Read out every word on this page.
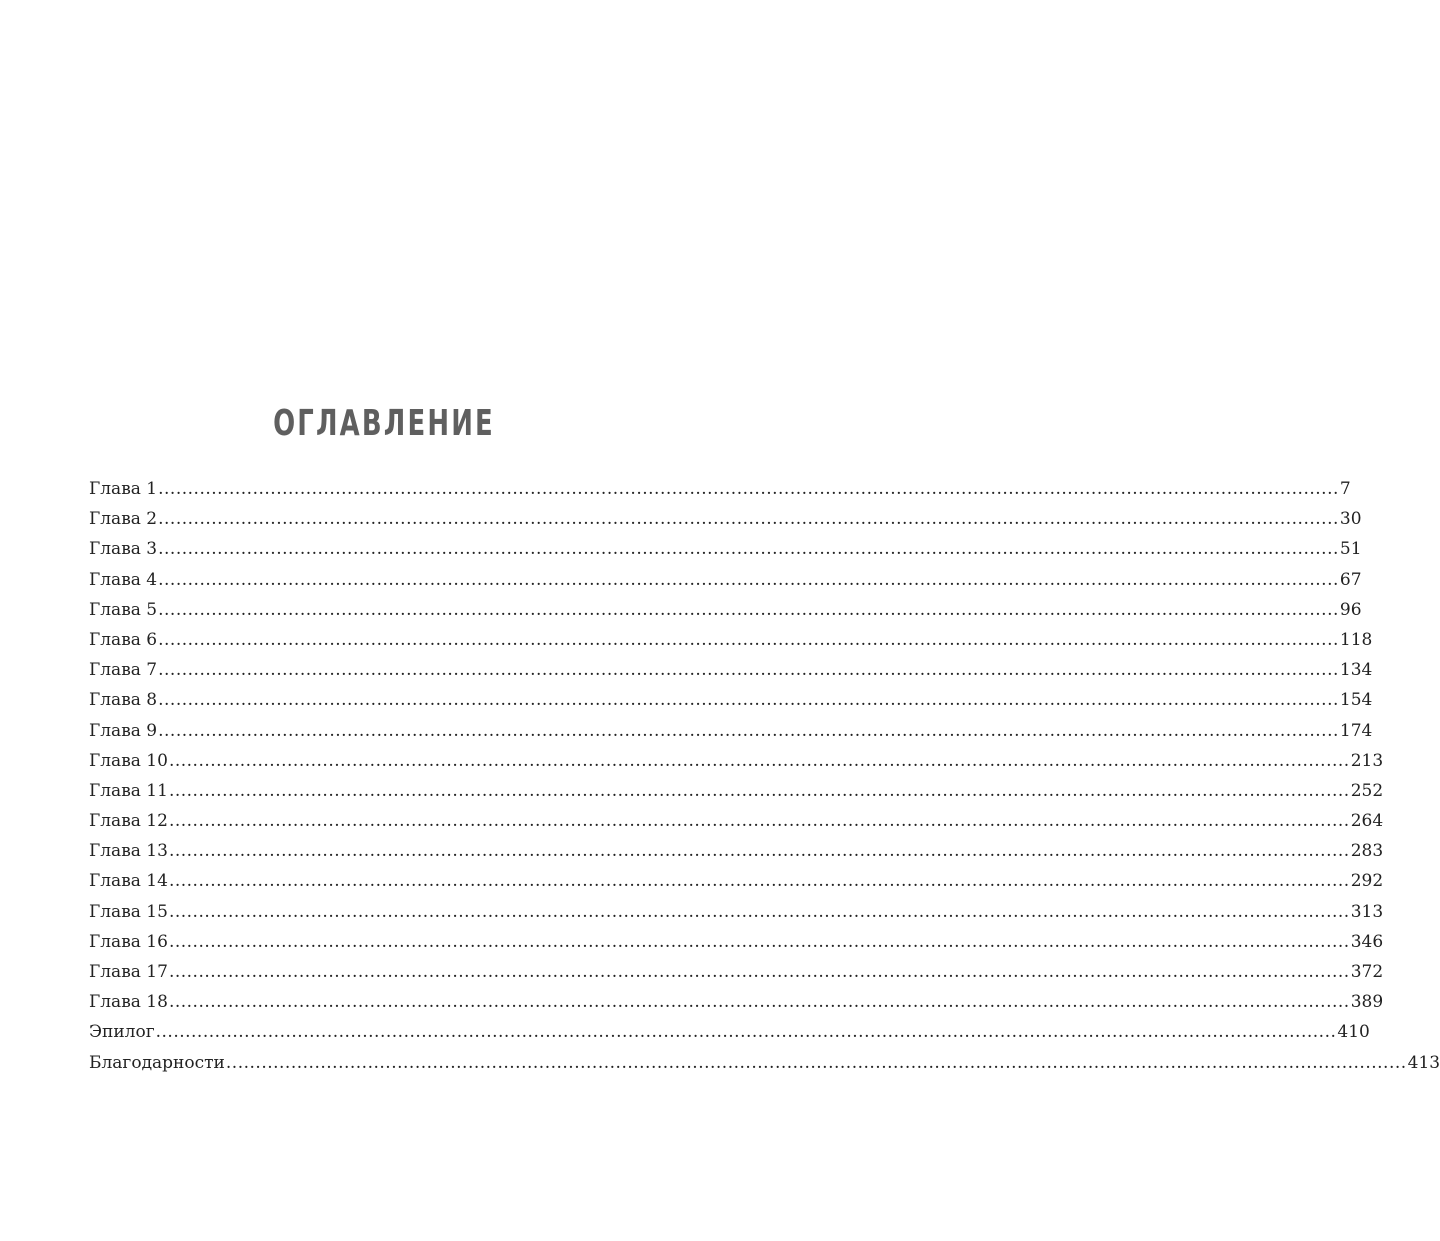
ОГЛАВЛЕНИЕ
Глава 1 ........................................................................................................................................................................................................ 7
Глава 2 ........................................................................................................................................................................................................ 30
Глава 3 ........................................................................................................................................................................................................ 51
Глава 4 ........................................................................................................................................................................................................ 67
Глава 5 ........................................................................................................................................................................................................ 96
Глава 6 ........................................................................................................................................................................................................ 118
Глава 7 ........................................................................................................................................................................................................ 134
Глава 8 ........................................................................................................................................................................................................ 154
Глава 9 ........................................................................................................................................................................................................ 174
Глава 10 ........................................................................................................................................................................................................ 213
Глава 11 ........................................................................................................................................................................................................ 252
Глава 12 ........................................................................................................................................................................................................ 264
Глава 13 ........................................................................................................................................................................................................ 283
Глава 14 ........................................................................................................................................................................................................ 292
Глава 15 ........................................................................................................................................................................................................ 313
Глава 16 ........................................................................................................................................................................................................ 346
Глава 17 ........................................................................................................................................................................................................ 372
Глава 18 ........................................................................................................................................................................................................ 389
Эпилог ........................................................................................................................................................................................................ 410
Благодарности ........................................................................................................................................................................................................ 413
